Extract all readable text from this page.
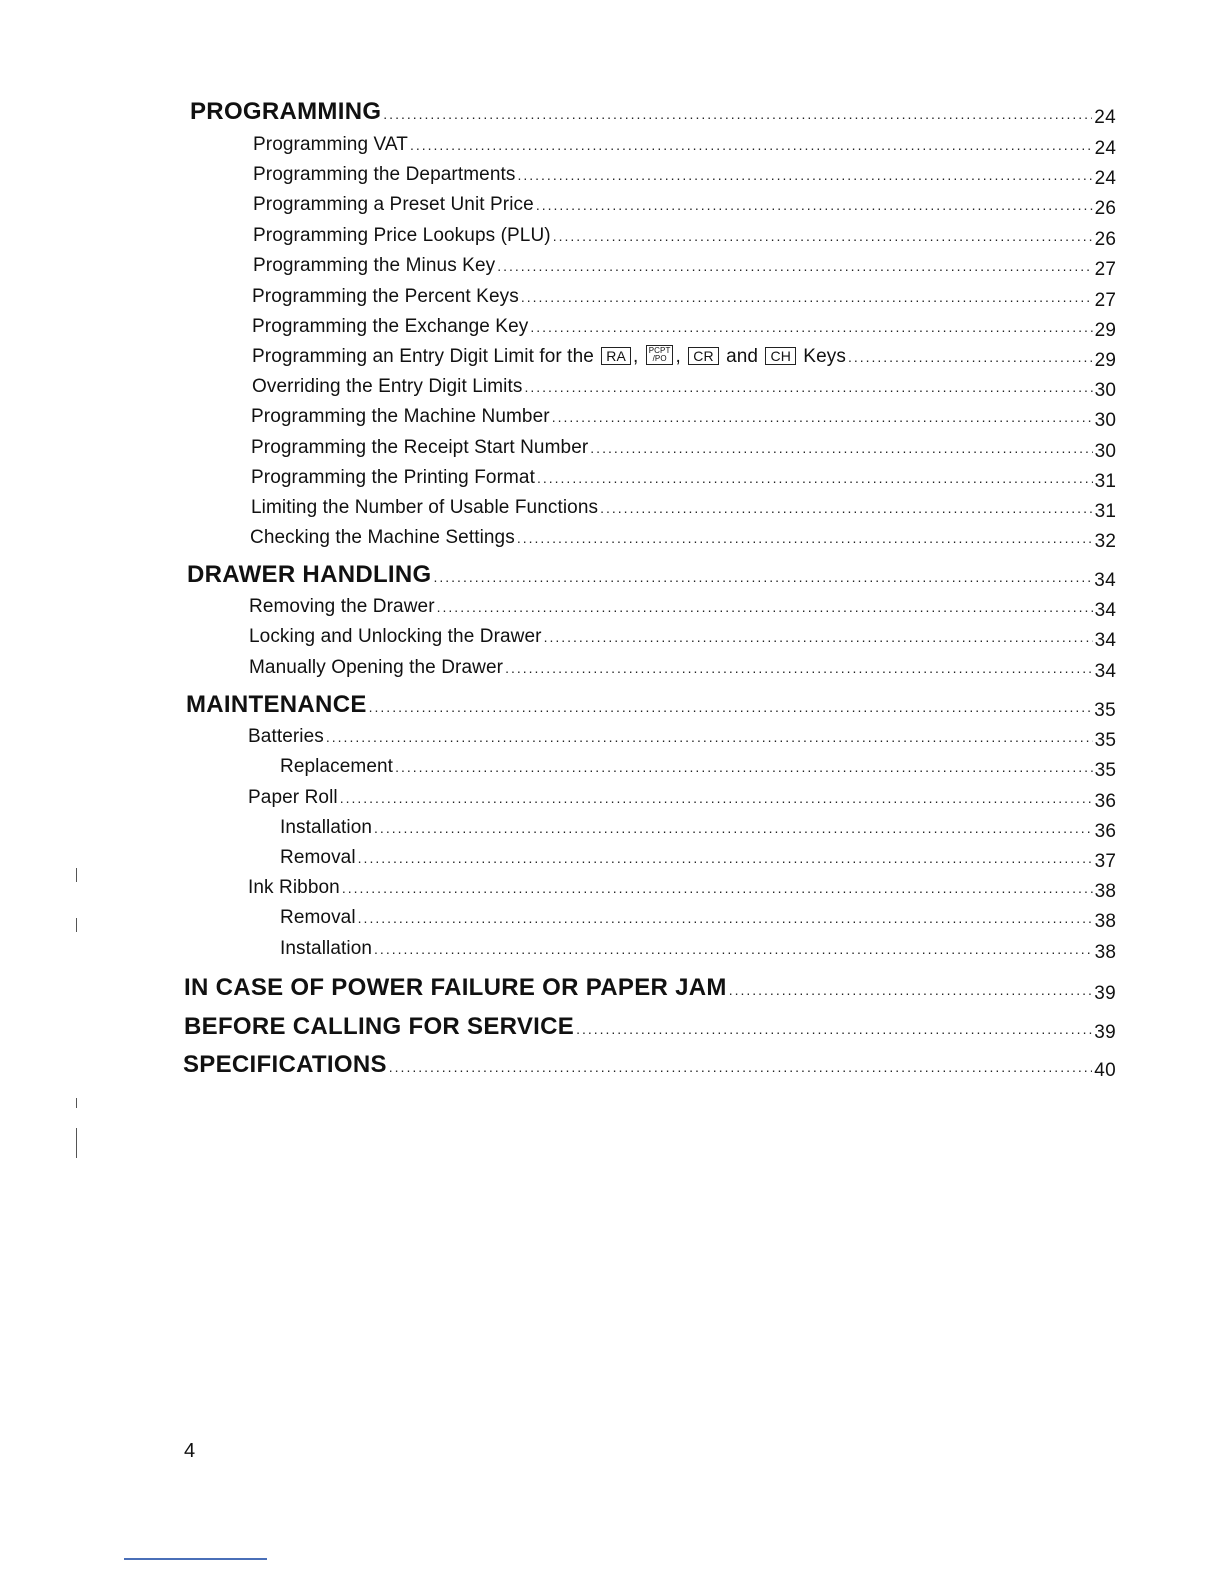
PROGRAMMING .....	24
Programming VAT .....	24
Programming the Departments .....	24
Programming a Preset Unit Price .....	26
Programming Price Lookups (PLU) .....	26
Programming the Minus Key .....	27
Programming the Percent Keys .....	27
Programming the Exchange Key .....	29
Programming an Entry Digit Limit for the RA , PCPT
/PO , CR and CH Keys .....	29
Overriding the Entry Digit Limits .....	30
Programming the Machine Number .....	30
Programming the Receipt Start Number .....	30
Programming the Printing Format .....	31
Limiting the Number of Usable Functions .....	31
Checking the Machine Settings .....	32
DRAWER HANDLING .....	34
Removing the Drawer .....	34
Locking and Unlocking the Drawer .....	34
Manually Opening the Drawer .....	34
MAINTENANCE .....	35
Batteries .....	35
Replacement .....	35
Paper Roll .....	36
Installation .....	36
Removal .....	37
Ink Ribbon .....	38
Removal .....	38
Installation .....	38
IN CASE OF POWER FAILURE OR PAPER JAM .....	39
BEFORE CALLING FOR SERVICE .....	39
SPECIFICATIONS .....	40
4
